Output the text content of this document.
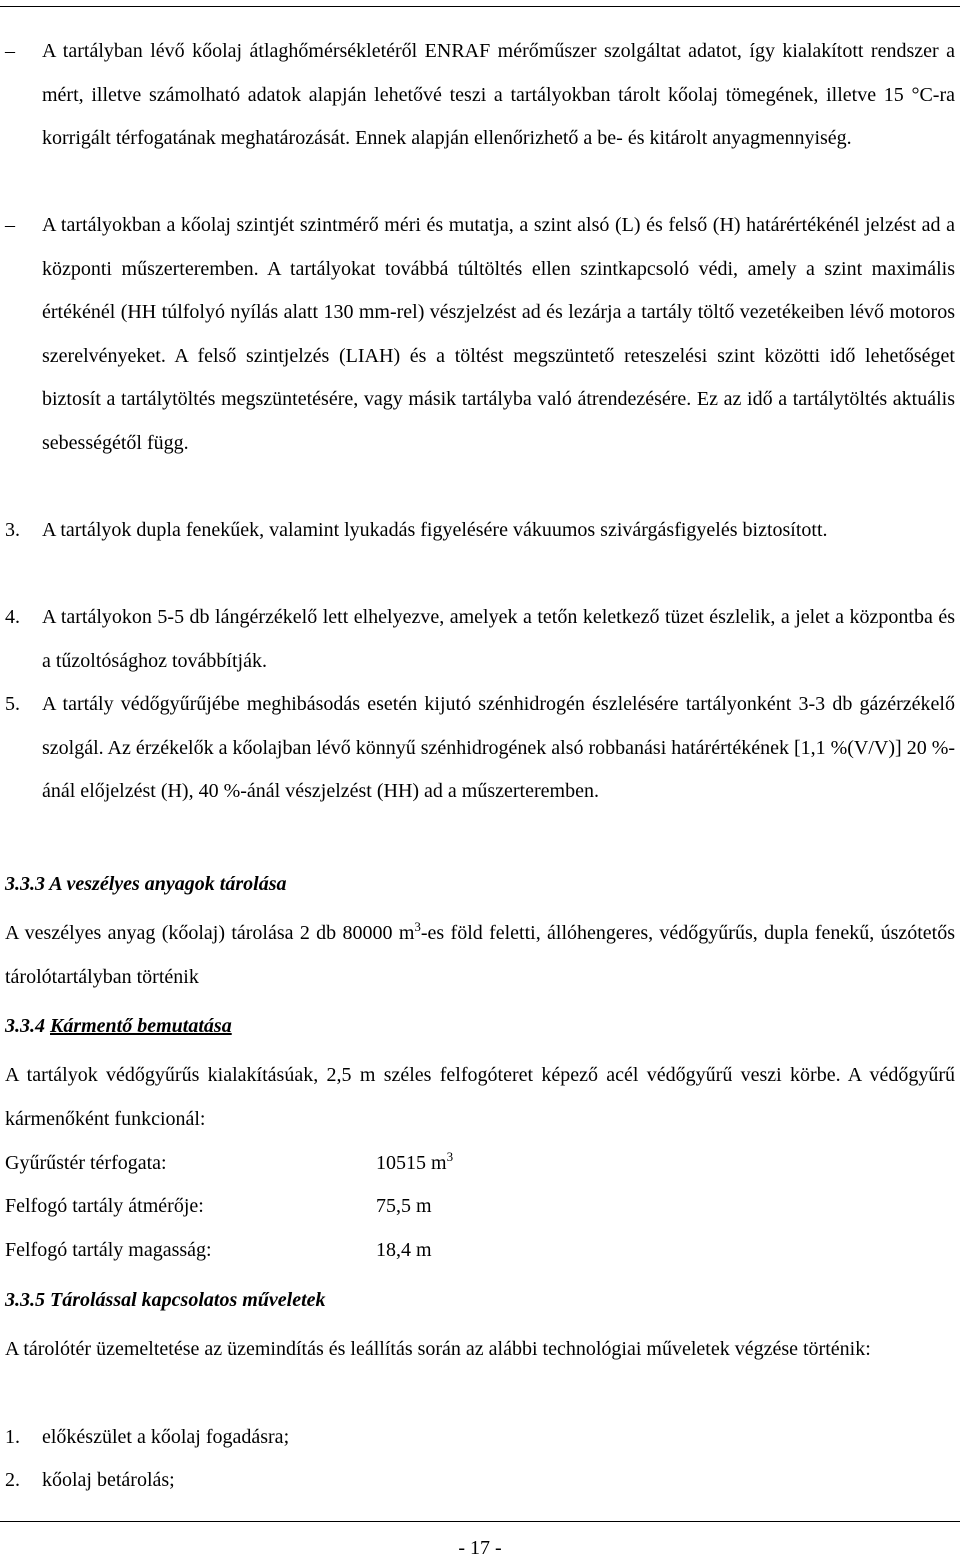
– A tartályban lévő kőolaj átlaghőmérsékletéről ENRAF mérőműszer szolgáltat adatot, így kialakított rendszer a mért, illetve számolható adatok alapján lehetővé teszi a tartályokban tárolt kőolaj tömegének, illetve 15 °C-ra korrigált térfogatának meghatározását. Ennek alapján ellenőrizhető a be- és kitárolt anyagmennyiség.
– A tartályokban a kőolaj szintjét szintmérő méri és mutatja, a szint alsó (L) és felső (H) határértékénél jelzést ad a központi műszerteremben. A tartályokat továbbá túltöltés ellen szintkapcsoló védi, amely a szint maximális értékénél (HH túlfolyó nyílás alatt 130 mm-rel) vészjelzést ad és lezárja a tartály töltő vezetékeiben lévő motoros szerelvényeket. A felső szintjelzés (LIAH) és a töltést megszüntető reteszelési szint közötti idő lehetőséget biztosít a tartálytöltés megszüntetésére, vagy másik tartályba való átrendezésére. Ez az idő a tartálytöltés aktuális sebességétől függ.
3. A tartályok dupla fenekűek, valamint lyukadás figyelésére vákuumos szivárgásfigyelés biztosított.
4. A tartályokon 5-5 db lángérzékelő lett elhelyezve, amelyek a tetőn keletkező tüzet észlelik, a jelet a központba és a tűzoltósághoz továbbítják.
5. A tartály védőgyűrűjébe meghibásodás esetén kijutó szénhidrogén észlelésére tartályonként 3-3 db gázérzékelő szolgál. Az érzékelők a kőolajban lévő könnyű szénhidrogének alsó robbanási határértékének [1,1 %(V/V)] 20 %-ánál előjelzést (H), 40 %-ánál vészjelzést (HH) ad a műszerteremben.
3.3.3 A veszélyes anyagok tárolása
A veszélyes anyag (kőolaj) tárolása 2 db 80000 $m^3-es$ föld feletti, állóhengeres, védőgyűrűs, dupla fenekű, úszótetős tárolótartályban történik
3.3.4 Kármentő bemutatása
A tartályok védőgyűrűs kialakításúak, 2,5 m széles felfogóteret képező acél védőgyűrű veszi körbe. A védőgyűrű kármenőként funkcionál:
Gyűrűstér térfogata:	10515 $m^3$
Felfogó tartály átmérője:	75,5 m
Felfogó tartály magasság:	18,4 m
3.3.5 Tárolással kapcsolatos műveletek
A tárolótér üzemeltetése az üzemindítás és leállítás során az alábbi technológiai műveletek végzése történik:
1. előkészület a kőolaj fogadásra;
2. kőolaj betárolás;
- 17 -
